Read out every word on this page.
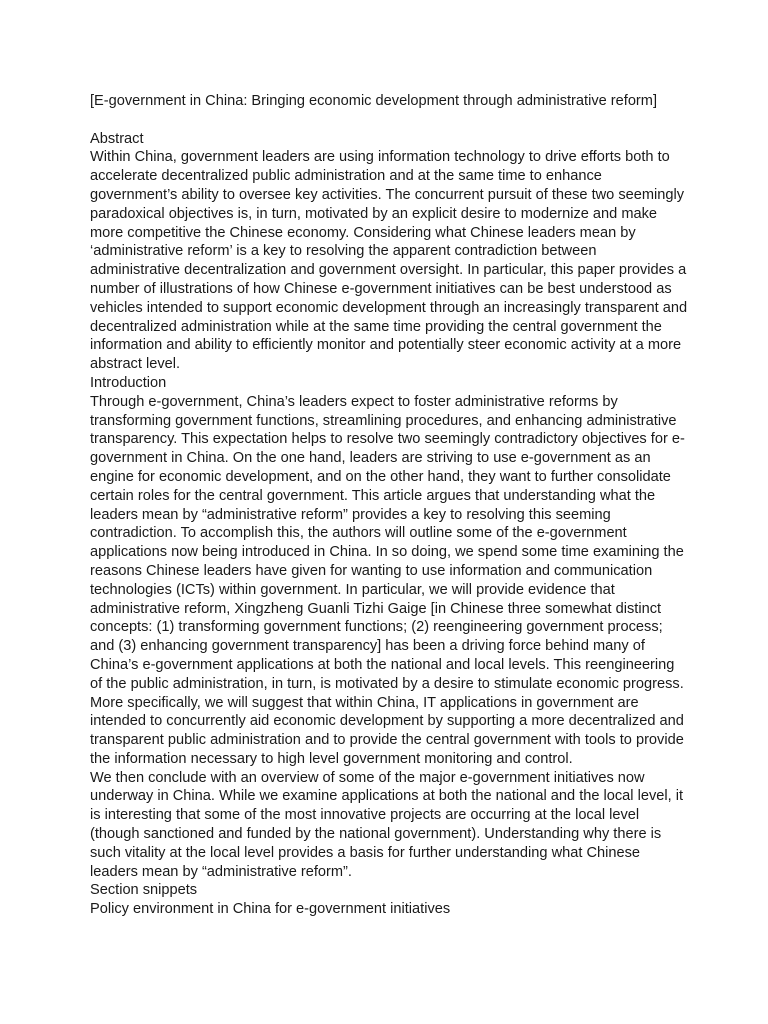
[E-government in China: Bringing economic development through administrative reform]

Abstract

Within China, government leaders are using information technology to drive efforts both to accelerate decentralized public administration and at the same time to enhance government’s ability to oversee key activities. The concurrent pursuit of these two seemingly paradoxical objectives is, in turn, motivated by an explicit desire to modernize and make more competitive the Chinese economy. Considering what Chinese leaders mean by ‘administrative reform’ is a key to resolving the apparent contradiction between administrative decentralization and government oversight. In particular, this paper provides a number of illustrations of how Chinese e-government initiatives can be best understood as vehicles intended to support economic development through an increasingly transparent and decentralized administration while at the same time providing the central government the information and ability to efficiently monitor and potentially steer economic activity at a more abstract level.

Introduction

Through e-government, China’s leaders expect to foster administrative reforms by transforming government functions, streamlining procedures, and enhancing administrative transparency. This expectation helps to resolve two seemingly contradictory objectives for e-government in China. On the one hand, leaders are striving to use e-government as an engine for economic development, and on the other hand, they want to further consolidate certain roles for the central government. This article argues that understanding what the leaders mean by “administrative reform” provides a key to resolving this seeming contradiction. To accomplish this, the authors will outline some of the e-government applications now being introduced in China. In so doing, we spend some time examining the reasons Chinese leaders have given for wanting to use information and communication technologies (ICTs) within government. In particular, we will provide evidence that administrative reform, Xingzheng Guanli Tizhi Gaige [in Chinese three somewhat distinct concepts: (1) transforming government functions; (2) reengineering government process; and (3) enhancing government transparency] has been a driving force behind many of China’s e-government applications at both the national and local levels. This reengineering of the public administration, in turn, is motivated by a desire to stimulate economic progress. More specifically, we will suggest that within China, IT applications in government are intended to concurrently aid economic development by supporting a more decentralized and transparent public administration and to provide the central government with tools to provide the information necessary to high level government monitoring and control.

We then conclude with an overview of some of the major e-government initiatives now underway in China. While we examine applications at both the national and the local level, it is interesting that some of the most innovative projects are occurring at the local level (though sanctioned and funded by the national government). Understanding why there is such vitality at the local level provides a basis for further understanding what Chinese leaders mean by “administrative reform”.

Section snippets

Policy environment in China for e-government initiatives
